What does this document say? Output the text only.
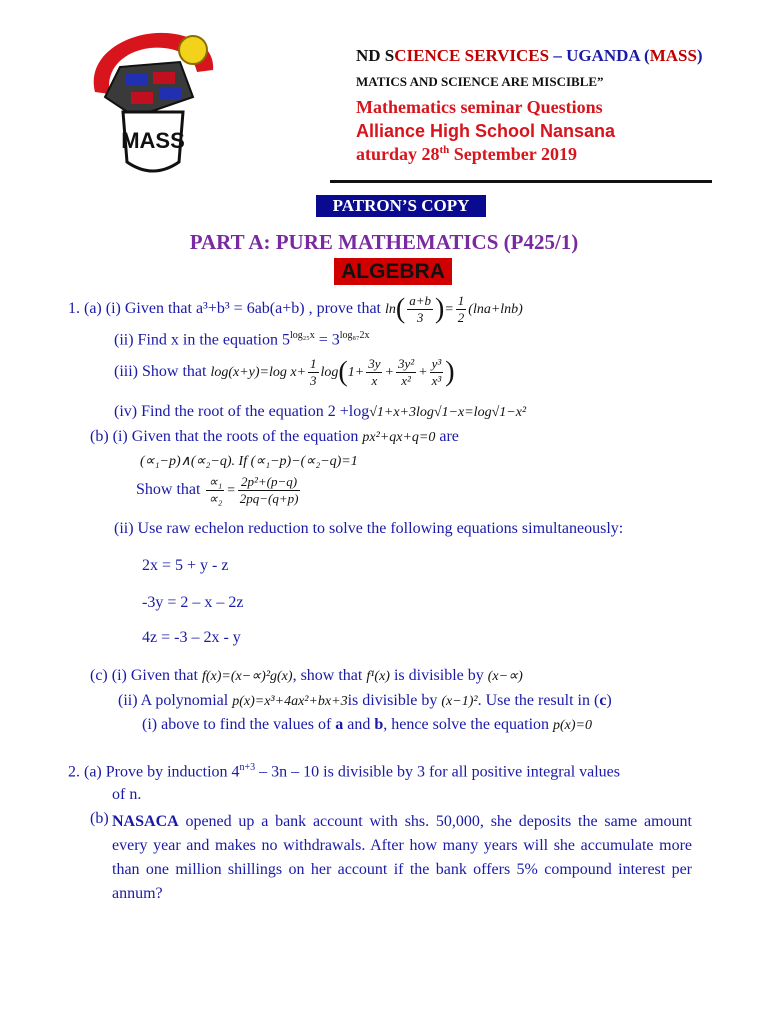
MASS
ND SCIENCE SERVICES – UGANDA (MASS)
MATICS AND SCIENCE ARE MISCIBLE”
Mathematics seminar Questions
Alliance High School Nansana
aturday 28th September 2019
PATRON’S COPY
PART A: PURE MATHEMATICS (P425/1)
ALGEBRA
1. (a) (i) Given that a³+b³ = 6ab(a+b) , prove that $\ln( \frac{a+b}{3}$ )= $\frac{1}{2} (\ln a+\ln b)$
(ii) Find x in the equation $5^{log_{25}x} = 3^{log_{87}2x}$
(iii) Show that log(x+y)=log $x+ \frac{1}{3} \log(1+ \frac{3y}{x} + \frac{\text{3y²}}{\text{x²}} + \frac{\text{y³}}{\text{x³}}$ )
(iv) Find the root of the equation 2 +log√1+x+3log√1−x=log√1−x²
(b) (i) Given that the roots of the equation px²+qx+q=0 are
(∝₁−p)∧(∝₂−q). If (∝₁−p)−(∝₂−q)=1
Show that $\frac{\text{∝₁}}{\text{∝₂}} = \frac{\text{2p²+(p−q)}}{2pq-(q+p)}$
(ii) Use raw echelon reduction to solve the following equations simultaneously:
2x = 5 + y - z
-3y = 2 – x – 2z
4z = -3 – 2x - y
(c) (i) Given that f(x)=(x−∝)²g(x), show that f¹(x) is divisible by (x−∝)
(ii) A polynomial p(x)=x³+4ax²+bx+3is divisible by (x−1)². Use the result in (c)
(i) above to find the values of a and b, hence solve the equation p(x)=0
2. (a) Prove by induction $4^{n+3} - 3n - 10$ is divisible by 3 for all positive integral values
of n.
(b) NASACA opened up a bank account with shs. 50,000, she deposits the same amount every year and makes no withdrawals. After how many years will she accumulate more than one million shillings on her account if the bank offers 5% compound interest per annum?
